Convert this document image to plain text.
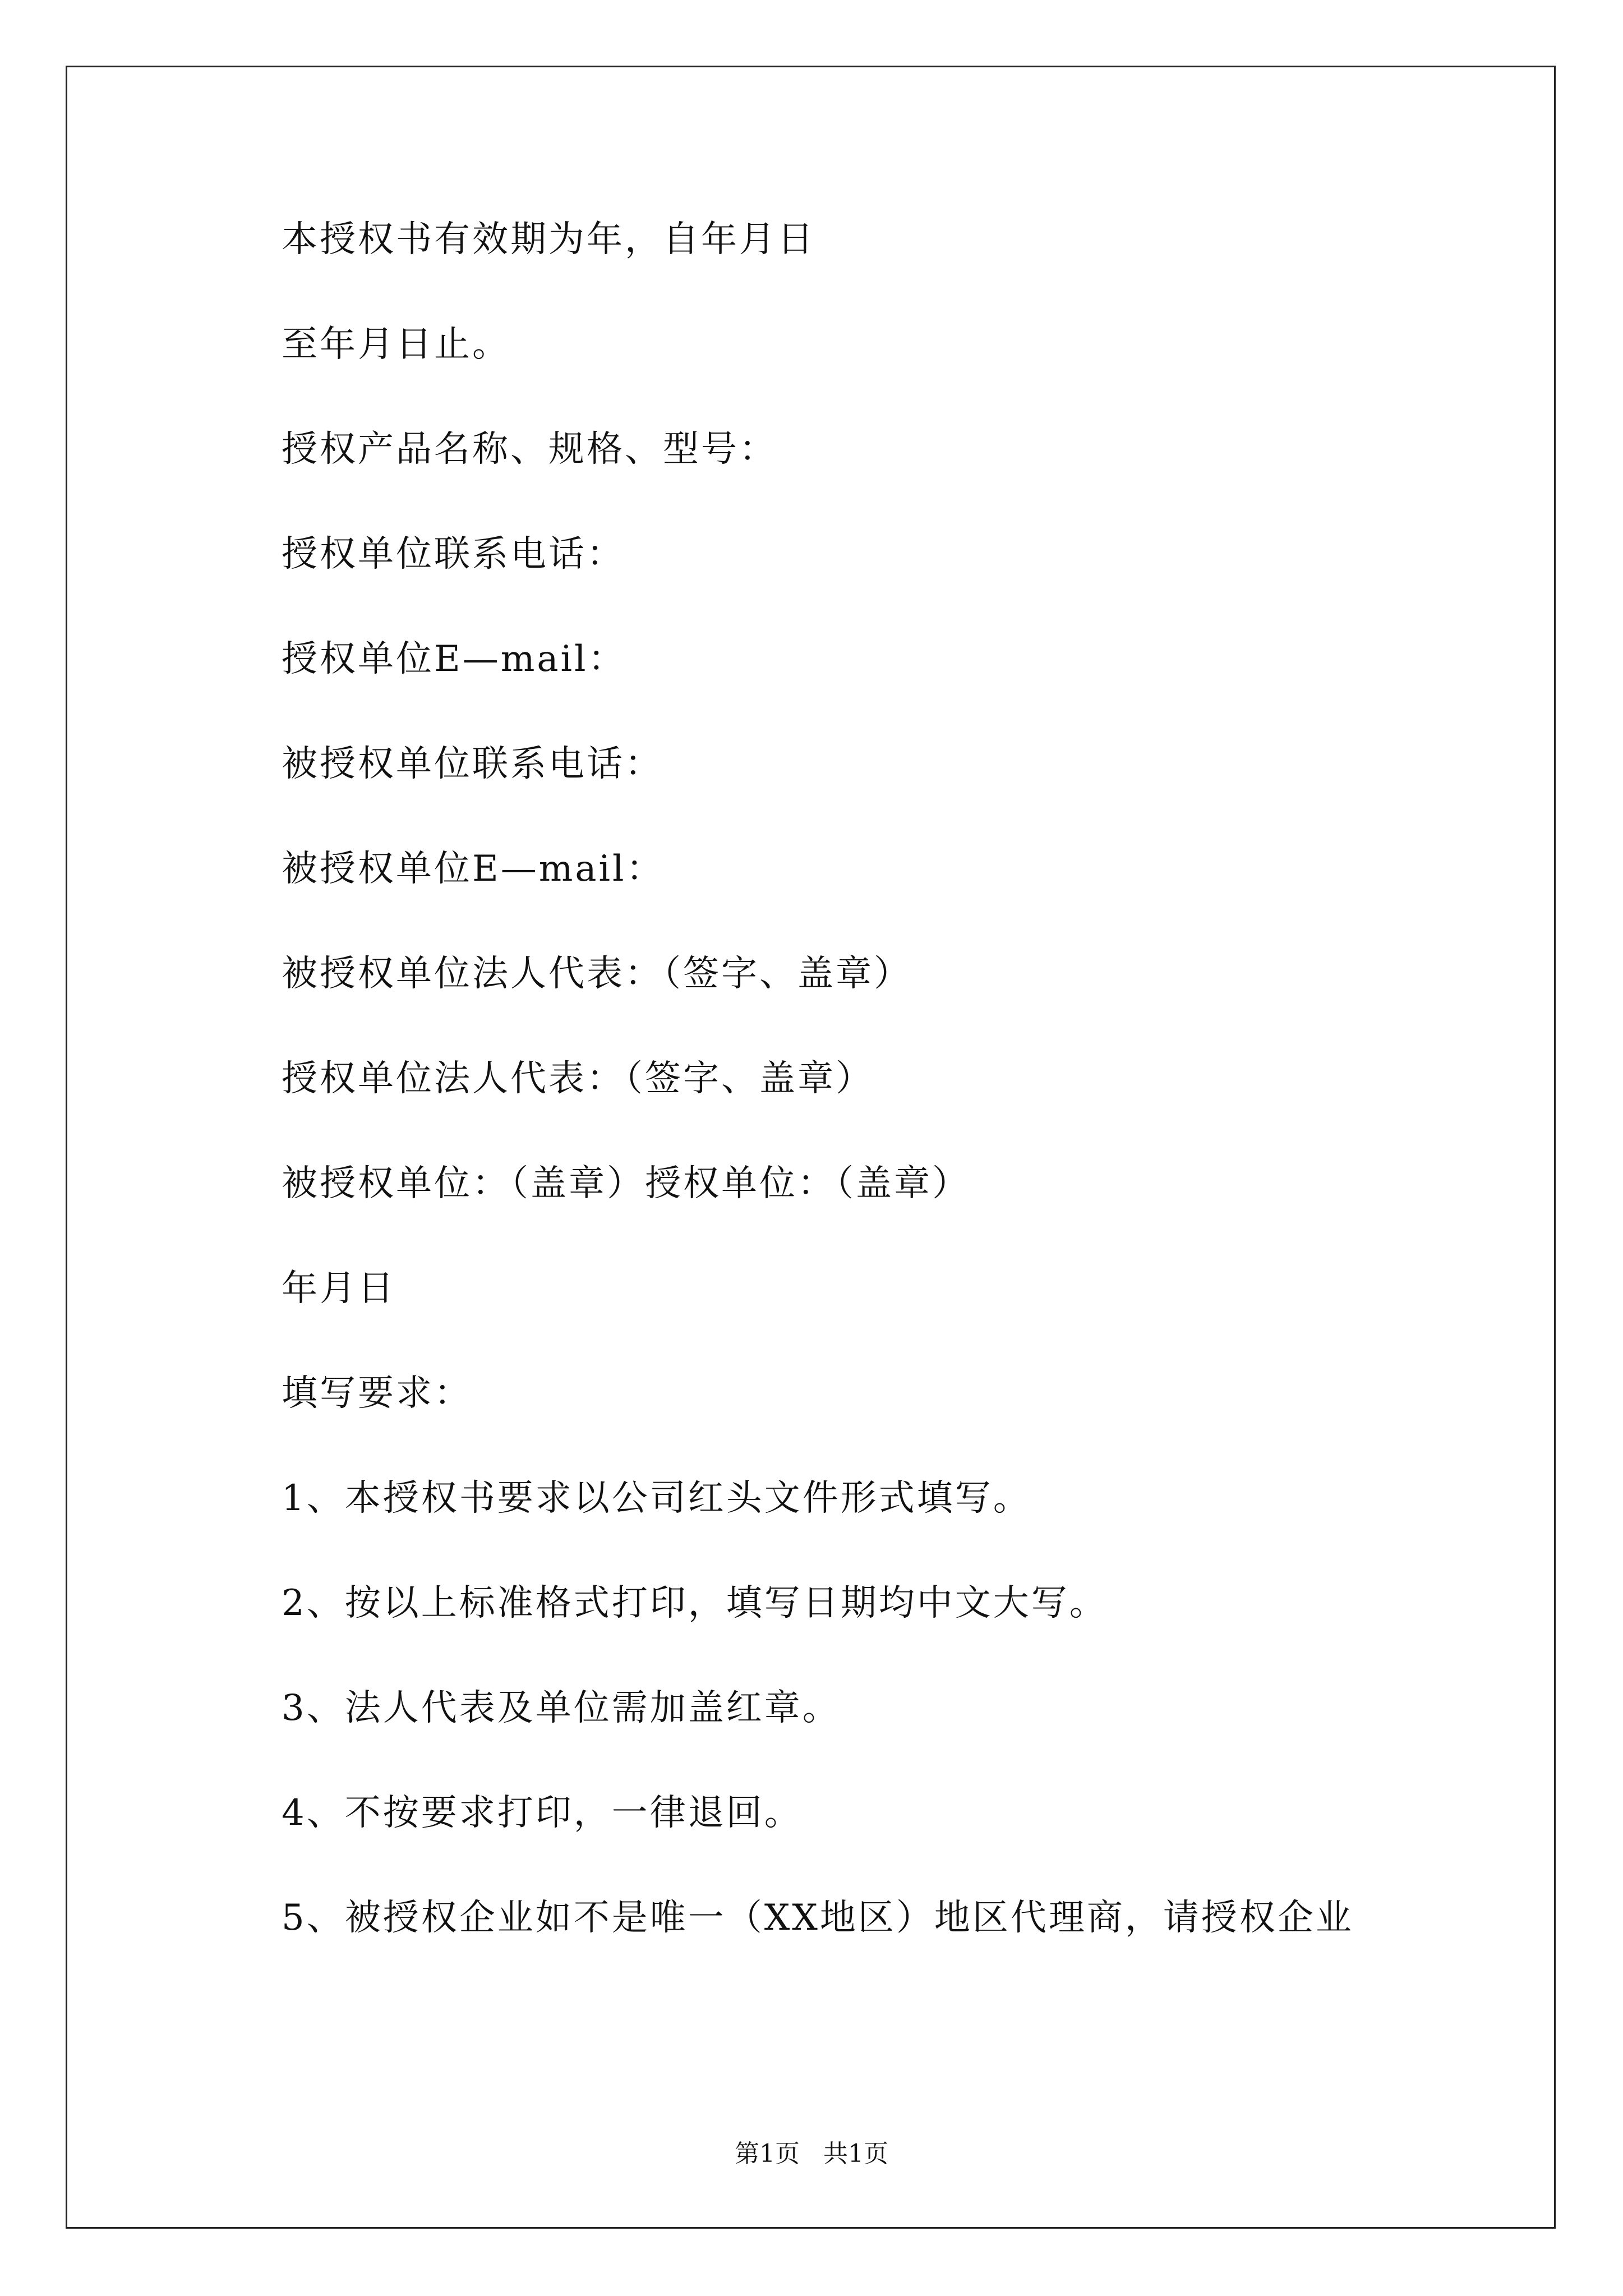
本授权书有效期为年，自年月日
至年月日止。
授权产品名称、规格、型号：
授权单位联系电话：
授权单位E—mail：
被授权单位联系电话：
被授权单位E—mail：
被授权单位法人代表：（签字、盖章）
授权单位法人代表：（签字、盖章）
被授权单位：（盖章）授权单位：（盖章）
年月日
填写要求：
1、本授权书要求以公司红头文件形式填写。
2、按以上标准格式打印，填写日期均中文大写。
3、法人代表及单位需加盖红章。
4、不按要求打印，一律退回。
5、被授权企业如不是唯一（XX地区）地区代理商，请授权企业
第1页   共1页
